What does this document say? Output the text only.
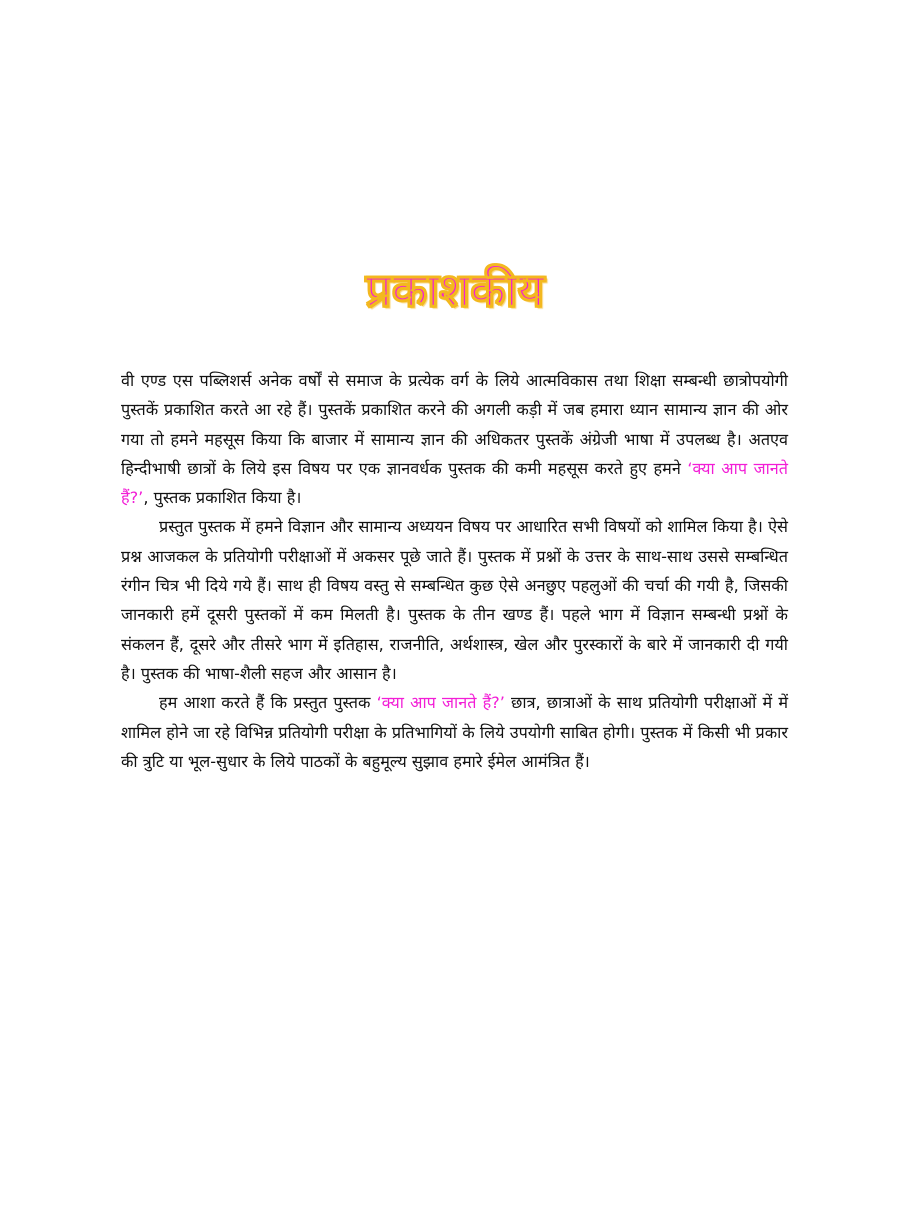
प्रकाशकीय

वी एण्ड एस पब्लिशर्स अनेक वर्षों से समाज के प्रत्येक वर्ग के लिये आत्मविकास तथा शिक्षा सम्बन्धी छात्रोपयोगी पुस्तकें प्रकाशित करते आ रहे हैं। पुस्तकें प्रकाशित करने की अगली कड़ी में जब हमारा ध्यान सामान्य ज्ञान की ओर गया तो हमने महसूस किया कि बाजार में सामान्य ज्ञान की अधिकतर पुस्तकें अंग्रेजी भाषा में उपलब्ध है। अतएव हिन्दीभाषी छात्रों के लिये इस विषय पर एक ज्ञानवर्धक पुस्तक की कमी महसूस करते हुए हमने ‘क्या आप जानते हैं?’, पुस्तक प्रकाशित किया है।

प्रस्तुत पुस्तक में हमने विज्ञान और सामान्य अध्ययन विषय पर आधारित सभी विषयों को शामिल किया है। ऐसे प्रश्न आजकल के प्रतियोगी परीक्षाओं में अकसर पूछे जाते हैं। पुस्तक में प्रश्नों के उत्तर के साथ-साथ उससे सम्बन्धित रंगीन चित्र भी दिये गये हैं। साथ ही विषय वस्तु से सम्बन्धित कुछ ऐसे अनछुए पहलुओं की चर्चा की गयी है, जिसकी जानकारी हमें दूसरी पुस्तकों में कम मिलती है। पुस्तक के तीन खण्ड हैं। पहले भाग में विज्ञान सम्बन्धी प्रश्नों के संकलन हैं, दूसरे और तीसरे भाग में इतिहास, राजनीति, अर्थशास्त्र, खेल और पुरस्कारों के बारे में जानकारी दी गयी है। पुस्तक की भाषा-शैली सहज और आसान है।

हम आशा करते हैं कि प्रस्तुत पुस्तक ‘क्या आप जानते हैं?’ छात्र, छात्राओं के साथ प्रतियोगी परीक्षाओं में में शामिल होने जा रहे विभिन्न प्रतियोगी परीक्षा के प्रतिभागियों के लिये उपयोगी साबित होगी। पुस्तक में किसी भी प्रकार की त्रुटि या भूल-सुधार के लिये पाठकों के बहुमूल्य सुझाव हमारे ईमेल आमंत्रित हैं।
